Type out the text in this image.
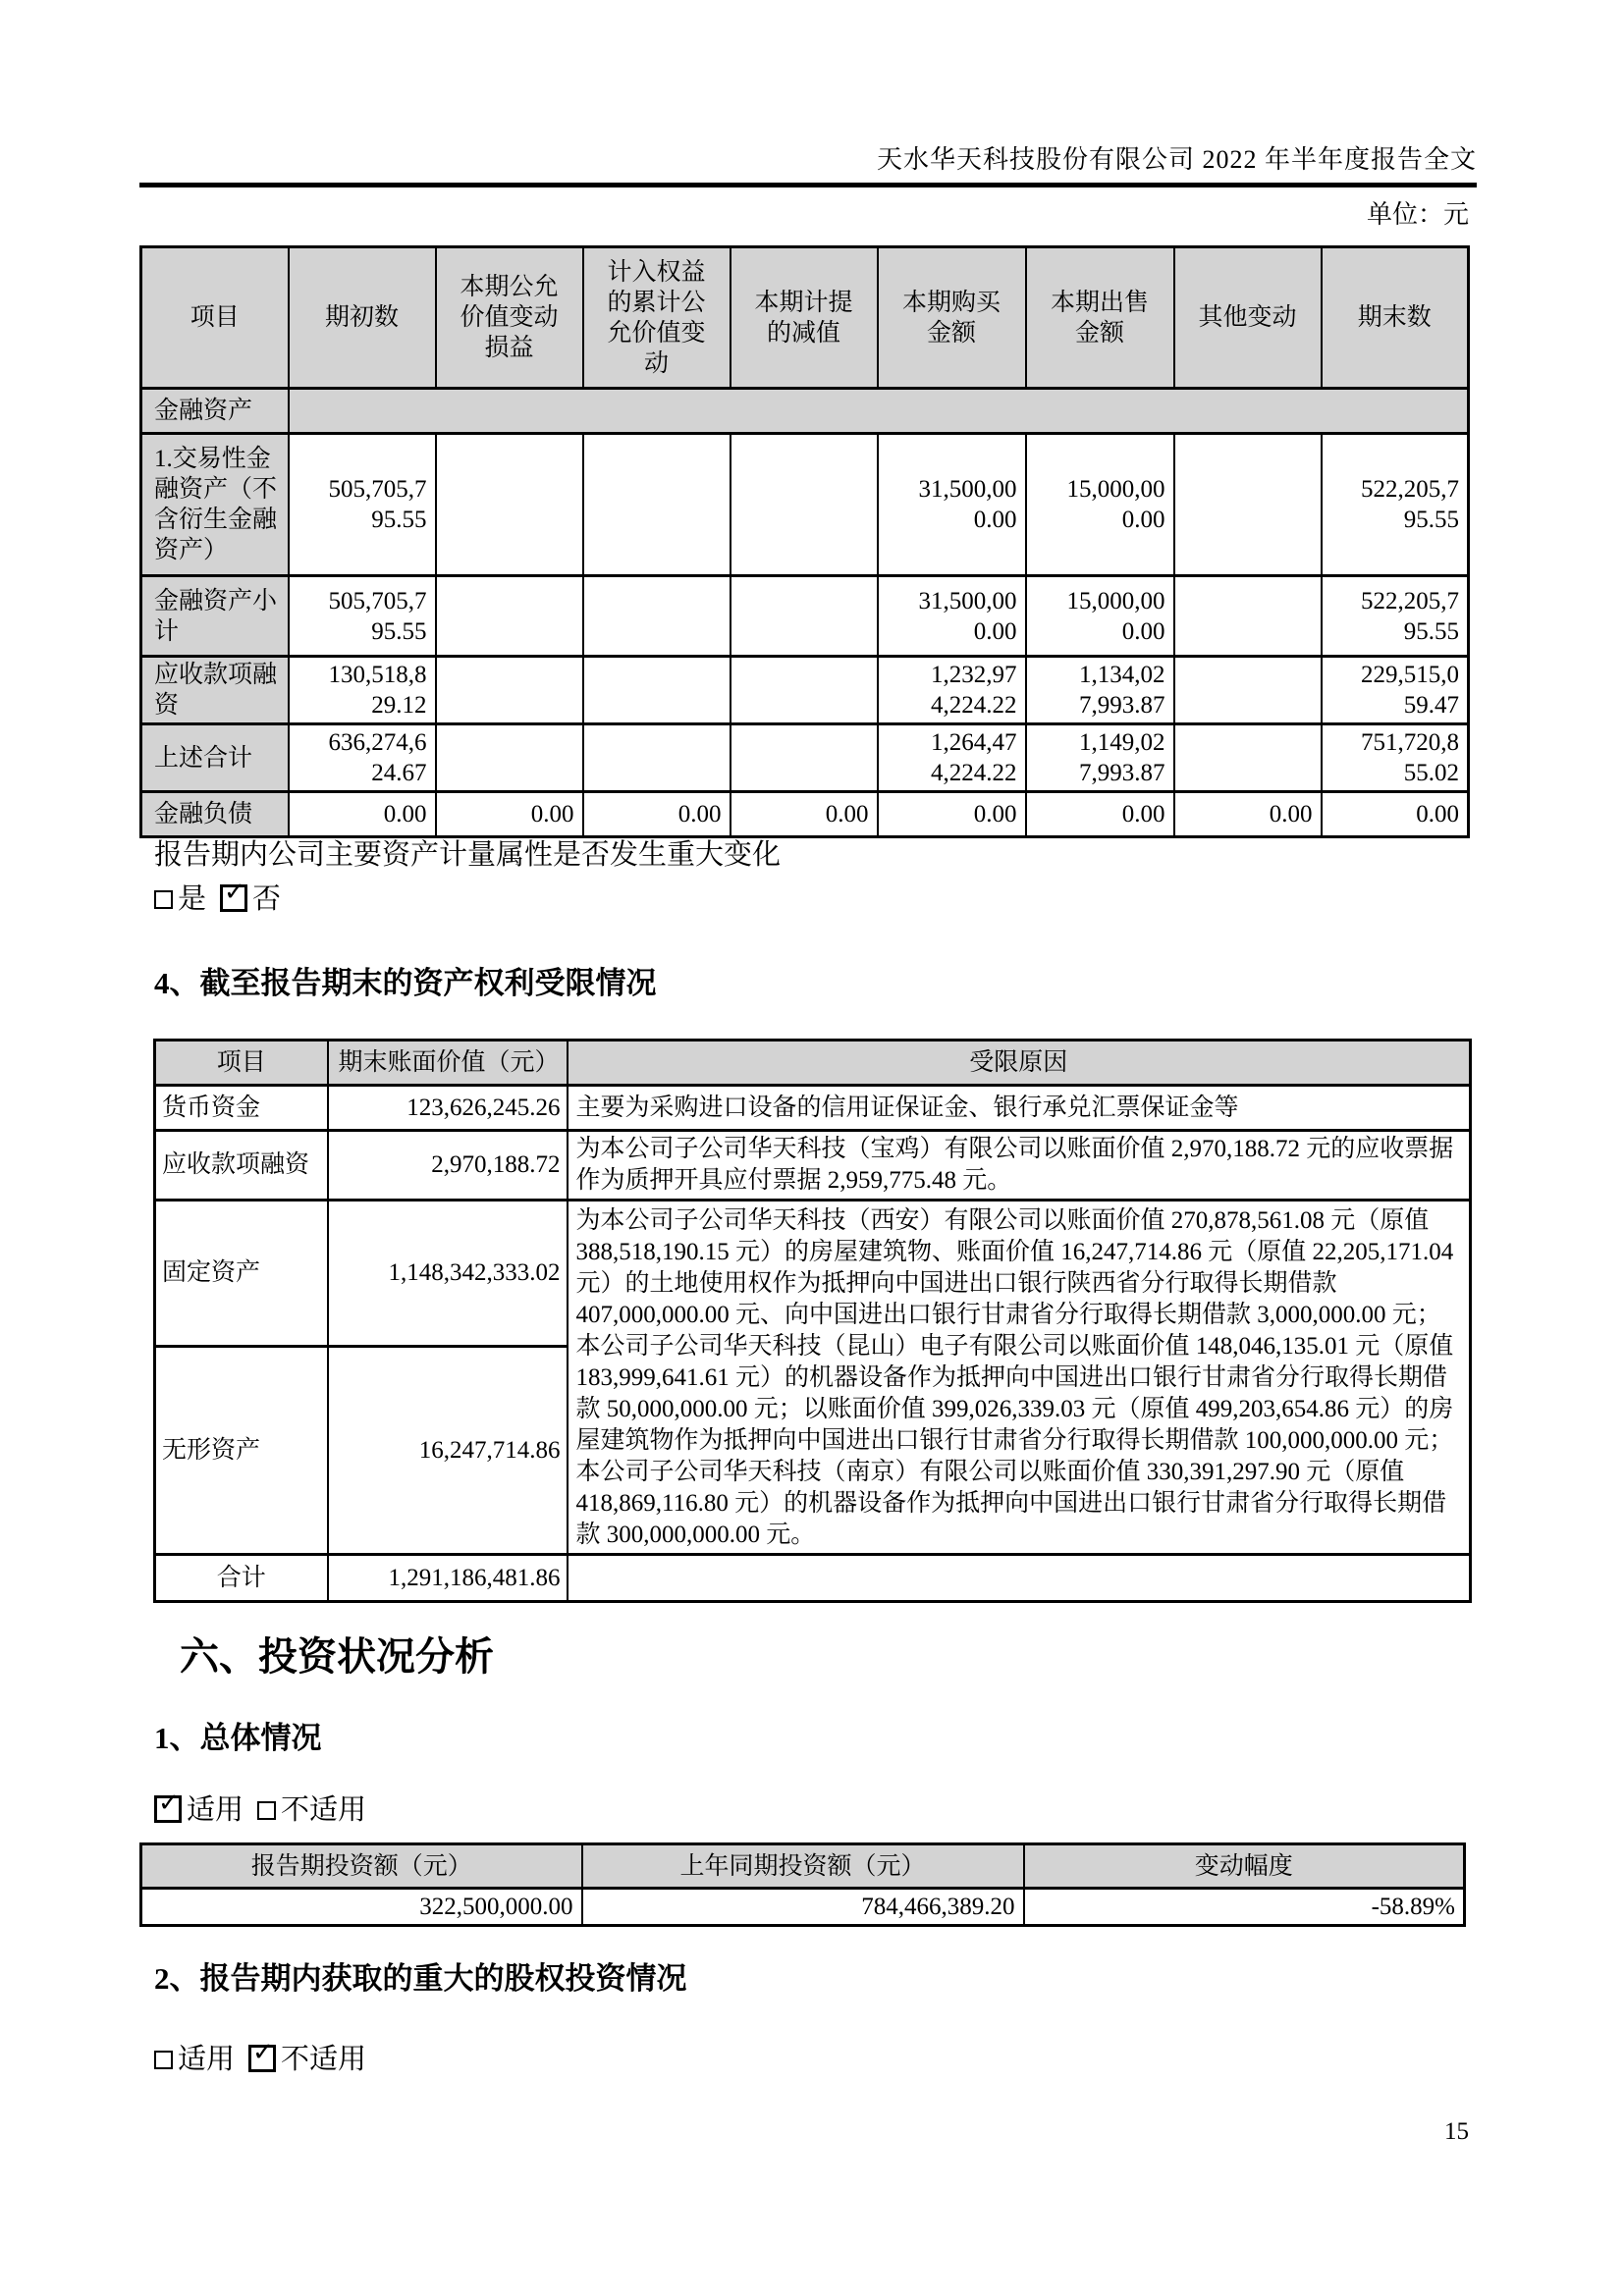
天水华天科技股份有限公司 2022 年半年度报告全文
单位：元
项目	期初数	本期公允价值变动损益	计入权益的累计公允价值变动	本期计提的减值	本期购买金额	本期出售金额	其他变动	期末数
金融资产								
1.交易性金融资产（不含衍生金融资产）	505,705,795.55				31,500,000.00	15,000,000.00		522,205,795.55
金融资产小计	505,705,795.55				31,500,000.00	15,000,000.00		522,205,795.55
应收款项融资	130,518,829.12				1,232,974,224.22	1,134,027,993.87		229,515,059.47
上述合计	636,274,624.67				1,264,474,224.22	1,149,027,993.87		751,720,855.02
金融负债	0.00	0.00	0.00	0.00	0.00	0.00	0.00	0.00
报告期内公司主要资产计量属性是否发生重大变化
是 ✓ 否
4、截至报告期末的资产权利受限情况
项目	期末账面价值（元）	受限原因
货币资金	123,626,245.26	主要为采购进口设备的信用证保证金、银行承兑汇票保证金等
应收款项融资	2,970,188.72	为本公司子公司华天科技（宝鸡）有限公司以账面价值 2,970,188.72 元的应收票据作为质押开具应付票据 2,959,775.48 元。
固定资产	1,148,342,333.02	为本公司子公司华天科技（西安）有限公司以账面价值 270,878,561.08 元（原值 388,518,190.15 元）的房屋建筑物、账面价值 16,247,714.86 元（原值 22,205,171.04 元）的土地使用权作为抵押向中国进出口银行陕西省分行取得长期借款 407,000,000.00 元、向中国进出口银行甘肃省分行取得长期借款 3,000,000.00 元；本公司子公司华天科技（昆山）电子有限公司以账面价值 148,046,135.01 元（原值 183,999,641.61 元）的机器设备作为抵押向中国进出口银行甘肃省分行取得长期借款 50,000,000.00 元；以账面价值 399,026,339.03 元（原值 499,203,654.86 元）的房屋建筑物作为抵押向中国进出口银行甘肃省分行取得长期借款 100,000,000.00 元；本公司子公司华天科技（南京）有限公司以账面价值 330,391,297.90 元（原值 418,869,116.80 元）的机器设备作为抵押向中国进出口银行甘肃省分行取得长期借款 300,000,000.00 元。
无形资产	16,247,714.86	
合计	1,291,186,481.86	
六、投资状况分析
1、总体情况
✓ 适用 不适用
报告期投资额（元）	上年同期投资额（元）	变动幅度
322,500,000.00	784,466,389.20	-58.89%
2、报告期内获取的重大的股权投资情况
适用 ✓ 不适用
15
